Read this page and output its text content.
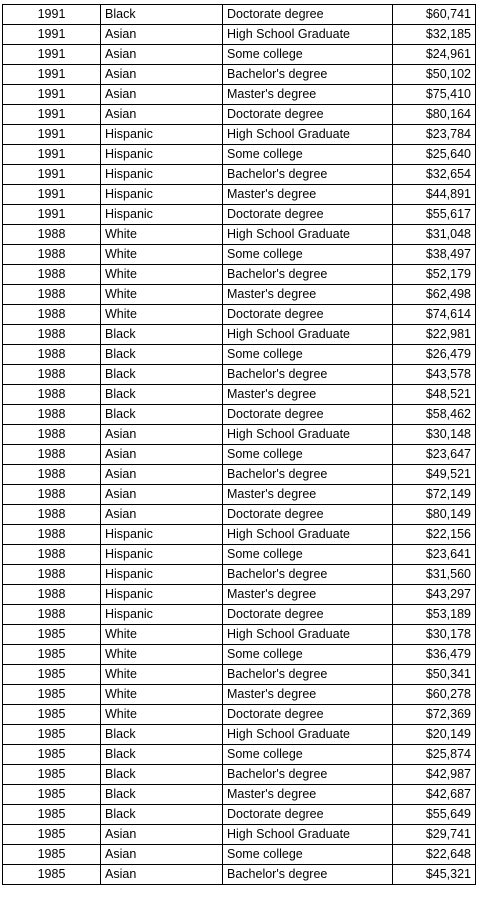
1991	Black	Doctorate degree	$60,741
1991	Asian	High School Graduate	$32,185
1991	Asian	Some college	$24,961
1991	Asian	Bachelor's degree	$50,102
1991	Asian	Master's degree	$75,410
1991	Asian	Doctorate degree	$80,164
1991	Hispanic	High School Graduate	$23,784
1991	Hispanic	Some college	$25,640
1991	Hispanic	Bachelor's degree	$32,654
1991	Hispanic	Master's degree	$44,891
1991	Hispanic	Doctorate degree	$55,617
1988	White	High School Graduate	$31,048
1988	White	Some college	$38,497
1988	White	Bachelor's degree	$52,179
1988	White	Master's degree	$62,498
1988	White	Doctorate degree	$74,614
1988	Black	High School Graduate	$22,981
1988	Black	Some college	$26,479
1988	Black	Bachelor's degree	$43,578
1988	Black	Master's degree	$48,521
1988	Black	Doctorate degree	$58,462
1988	Asian	High School Graduate	$30,148
1988	Asian	Some college	$23,647
1988	Asian	Bachelor's degree	$49,521
1988	Asian	Master's degree	$72,149
1988	Asian	Doctorate degree	$80,149
1988	Hispanic	High School Graduate	$22,156
1988	Hispanic	Some college	$23,641
1988	Hispanic	Bachelor's degree	$31,560
1988	Hispanic	Master's degree	$43,297
1988	Hispanic	Doctorate degree	$53,189
1985	White	High School Graduate	$30,178
1985	White	Some college	$36,479
1985	White	Bachelor's degree	$50,341
1985	White	Master's degree	$60,278
1985	White	Doctorate degree	$72,369
1985	Black	High School Graduate	$20,149
1985	Black	Some college	$25,874
1985	Black	Bachelor's degree	$42,987
1985	Black	Master's degree	$42,687
1985	Black	Doctorate degree	$55,649
1985	Asian	High School Graduate	$29,741
1985	Asian	Some college	$22,648
1985	Asian	Bachelor's degree	$45,321
